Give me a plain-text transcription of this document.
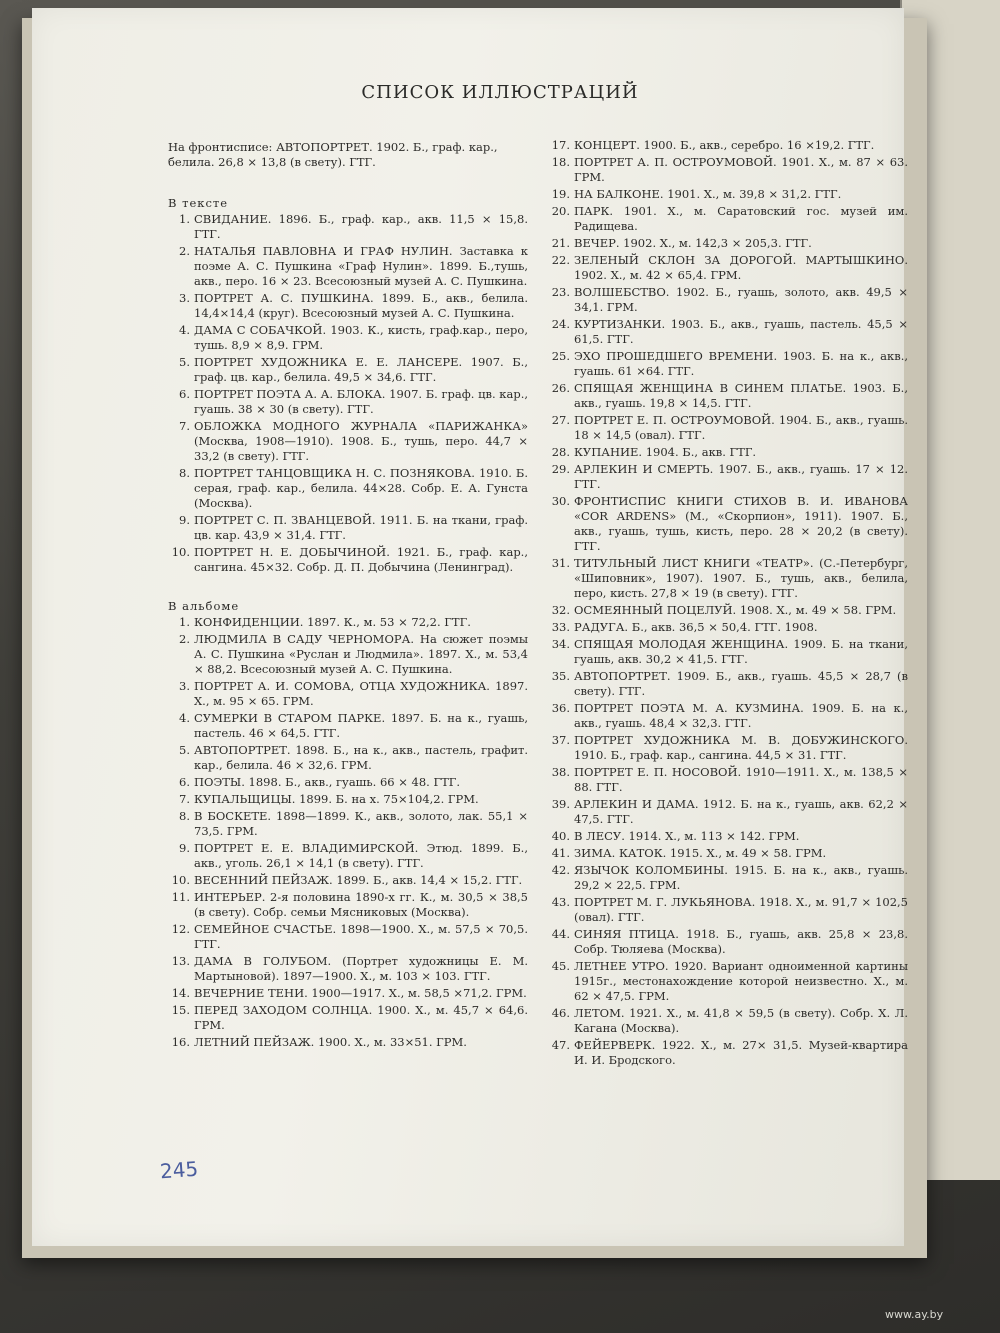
СПИСОК ИЛЛЮСТРАЦИЙ
На фронтисписе: АВТОПОРТРЕТ. 1902. Б., граф. кар., белила. 26,8 × 13,8 (в свету). ГТГ.
В тексте
1. СВИДАНИЕ. 1896. Б., граф. кар., акв. 11,5 × 15,8. ГТГ.
2. НАТАЛЬЯ ПАВЛОВНА И ГРАФ НУЛИН. Заставка к поэме А. С. Пушкина «Граф Нулин». 1899. Б.,тушь, акв., перо. 16 × 23. Всесоюзный музей А. С. Пушкина.
3. ПОРТРЕТ А. С. ПУШКИНА. 1899. Б., акв., белила. 14,4×14,4 (круг). Всесоюзный музей А. С. Пушкина.
4. ДАМА С СОБАЧКОЙ. 1903. К., кисть, граф.кар., перо, тушь. 8,9 × 8,9. ГРМ.
5. ПОРТРЕТ ХУДОЖНИКА Е. Е. ЛАНСЕРЕ. 1907. Б., граф. цв. кар., белила. 49,5 × 34,6. ГТГ.
6. ПОРТРЕТ ПОЭТА А. А. БЛОКА. 1907. Б. граф. цв. кар., гуашь. 38 × 30 (в свету). ГТГ.
7. ОБЛОЖКА МОДНОГО ЖУРНАЛА «ПАРИЖАНКА» (Москва, 1908—1910). 1908. Б., тушь, перо. 44,7 × 33,2 (в свету). ГТГ.
8. ПОРТРЕТ ТАНЦОВЩИКА Н. С. ПОЗНЯКОВА. 1910. Б. серая, граф. кар., белила. 44×28. Собр. Е. А. Гунста (Москва).
9. ПОРТРЕТ С. П. ЗВАНЦЕВОЙ. 1911. Б. на ткани, граф. цв. кар. 43,9 × 31,4. ГТГ.
10. ПОРТРЕТ Н. Е. ДОБЫЧИНОЙ. 1921. Б., граф. кар., сангина. 45×32. Собр. Д. П. Добычина (Ленинград).
В альбоме
1. КОНФИДЕНЦИИ. 1897. К., м. 53 × 72,2. ГТГ.
2. ЛЮДМИЛА В САДУ ЧЕРНОМОРА. На сюжет поэмы А. С. Пушкина «Руслан и Людмила». 1897. Х., м. 53,4 × 88,2. Всесоюзный музей А. С. Пушкина.
3. ПОРТРЕТ А. И. СОМОВА, ОТЦА ХУДОЖНИКА. 1897. Х., м. 95 × 65. ГРМ.
4. СУМЕРКИ В СТАРОМ ПАРКЕ. 1897. Б. на к., гуашь, пастель. 46 × 64,5. ГТГ.
5. АВТОПОРТРЕТ. 1898. Б., на к., акв., пастель, графит. кар., белила. 46 × 32,6. ГРМ.
6. ПОЭТЫ. 1898. Б., акв., гуашь. 66 × 48. ГТГ.
7. КУПАЛЬЩИЦЫ. 1899. Б. на х. 75×104,2. ГРМ.
8. В БОСКЕТЕ. 1898—1899. К., акв., золото, лак. 55,1 × 73,5. ГРМ.
9. ПОРТРЕТ Е. Е. ВЛАДИМИРСКОЙ. Этюд. 1899. Б., акв., уголь. 26,1 × 14,1 (в свету). ГТГ.
10. ВЕСЕННИЙ ПЕЙЗАЖ. 1899. Б., акв. 14,4 × 15,2. ГТГ.
11. ИНТЕРЬЕР. 2-я половина 1890-х гг. К., м. 30,5 × 38,5 (в свету). Собр. семьи Мясниковых (Москва).
12. СЕМЕЙНОЕ СЧАСТЬЕ. 1898—1900. Х., м. 57,5 × 70,5. ГТГ.
13. ДАМА В ГОЛУБОМ. (Портрет художницы Е. М. Мартыновой). 1897—1900. Х., м. 103 × 103. ГТГ.
14. ВЕЧЕРНИЕ ТЕНИ. 1900—1917. Х., м. 58,5 ×71,2. ГРМ.
15. ПЕРЕД ЗАХОДОМ СОЛНЦА. 1900. Х., м. 45,7 × 64,6. ГРМ.
16. ЛЕТНИЙ ПЕЙЗАЖ. 1900. Х., м. 33×51. ГРМ.
17. КОНЦЕРТ. 1900. Б., акв., серебро. 16 ×19,2. ГТГ.
18. ПОРТРЕТ А. П. ОСТРОУМОВОЙ. 1901. Х., м. 87 × 63. ГРМ.
19. НА БАЛКОНЕ. 1901. Х., м. 39,8 × 31,2. ГТГ.
20. ПАРК. 1901. Х., м. Саратовский гос. музей им. Радищева.
21. ВЕЧЕР. 1902. Х., м. 142,3 × 205,3. ГТГ.
22. ЗЕЛЕНЫЙ СКЛОН ЗА ДОРОГОЙ. МАРТЫШКИНО. 1902. Х., м. 42 × 65,4. ГРМ.
23. ВОЛШЕБСТВО. 1902. Б., гуашь, золото, акв. 49,5 × 34,1. ГРМ.
24. КУРТИЗАНКИ. 1903. Б., акв., гуашь, пастель. 45,5 × 61,5. ГТГ.
25. ЭХО ПРОШЕДШЕГО ВРЕМЕНИ. 1903. Б. на к., акв., гуашь. 61 ×64. ГТГ.
26. СПЯЩАЯ ЖЕНЩИНА В СИНЕМ ПЛАТЬЕ. 1903. Б., акв., гуашь. 19,8 × 14,5. ГТГ.
27. ПОРТРЕТ Е. П. ОСТРОУМОВОЙ. 1904. Б., акв., гуашь. 18 × 14,5 (овал). ГТГ.
28. КУПАНИЕ. 1904. Б., акв. ГТГ.
29. АРЛЕКИН И СМЕРТЬ. 1907. Б., акв., гуашь. 17 × 12. ГТГ.
30. ФРОНТИСПИС КНИГИ СТИХОВ В. И. ИВАНОВА «COR ARDENS» (М., «Скорпион», 1911). 1907. Б., акв., гуашь, тушь, кисть, перо. 28 × 20,2 (в свету). ГТГ.
31. ТИТУЛЬНЫЙ ЛИСТ КНИГИ «ТЕАТР». (С.-Петербург, «Шиповник», 1907). 1907. Б., тушь, акв., белила, перо, кисть. 27,8 × 19 (в свету). ГТГ.
32. ОСМЕЯННЫЙ ПОЦЕЛУЙ. 1908. Х., м. 49 × 58. ГРМ.
33. РАДУГА. Б., акв. 36,5 × 50,4. ГТГ. 1908.
34. СПЯЩАЯ МОЛОДАЯ ЖЕНЩИНА. 1909. Б. на ткани, гуашь, акв. 30,2 × 41,5. ГТГ.
35. АВТОПОРТРЕТ. 1909. Б., акв., гуашь. 45,5 × 28,7 (в свету). ГТГ.
36. ПОРТРЕТ ПОЭТА М. А. КУЗМИНА. 1909. Б. на к., акв., гуашь. 48,4 × 32,3. ГТГ.
37. ПОРТРЕТ ХУДОЖНИКА М. В. ДОБУЖИНСКОГО. 1910. Б., граф. кар., сангина. 44,5 × 31. ГТГ.
38. ПОРТРЕТ Е. П. НОСОВОЙ. 1910—1911. Х., м. 138,5 × 88. ГТГ.
39. АРЛЕКИН И ДАМА. 1912. Б. на к., гуашь, акв. 62,2 × 47,5. ГТГ.
40. В ЛЕСУ. 1914. Х., м. 113 × 142. ГРМ.
41. ЗИМА. КАТОК. 1915. Х., м. 49 × 58. ГРМ.
42. ЯЗЫЧОК КОЛОМБИНЫ. 1915. Б. на к., акв., гуашь. 29,2 × 22,5. ГРМ.
43. ПОРТРЕТ М. Г. ЛУКЬЯНОВА. 1918. Х., м. 91,7 × 102,5 (овал). ГТГ.
44. СИНЯЯ ПТИЦА. 1918. Б., гуашь, акв. 25,8 × 23,8. Собр. Тюляева (Москва).
45. ЛЕТНЕЕ УТРО. 1920. Вариант одноименной картины 1915г., местонахождение которой неизвестно. Х., м. 62 × 47,5. ГРМ.
46. ЛЕТОМ. 1921. Х., м. 41,8 × 59,5 (в свету). Собр. Х. Л. Кагана (Москва).
47. ФЕЙЕРВЕРК. 1922. Х., м. 27× 31,5. Музей-квартира И. И. Бродского.
245
www.ay.by
